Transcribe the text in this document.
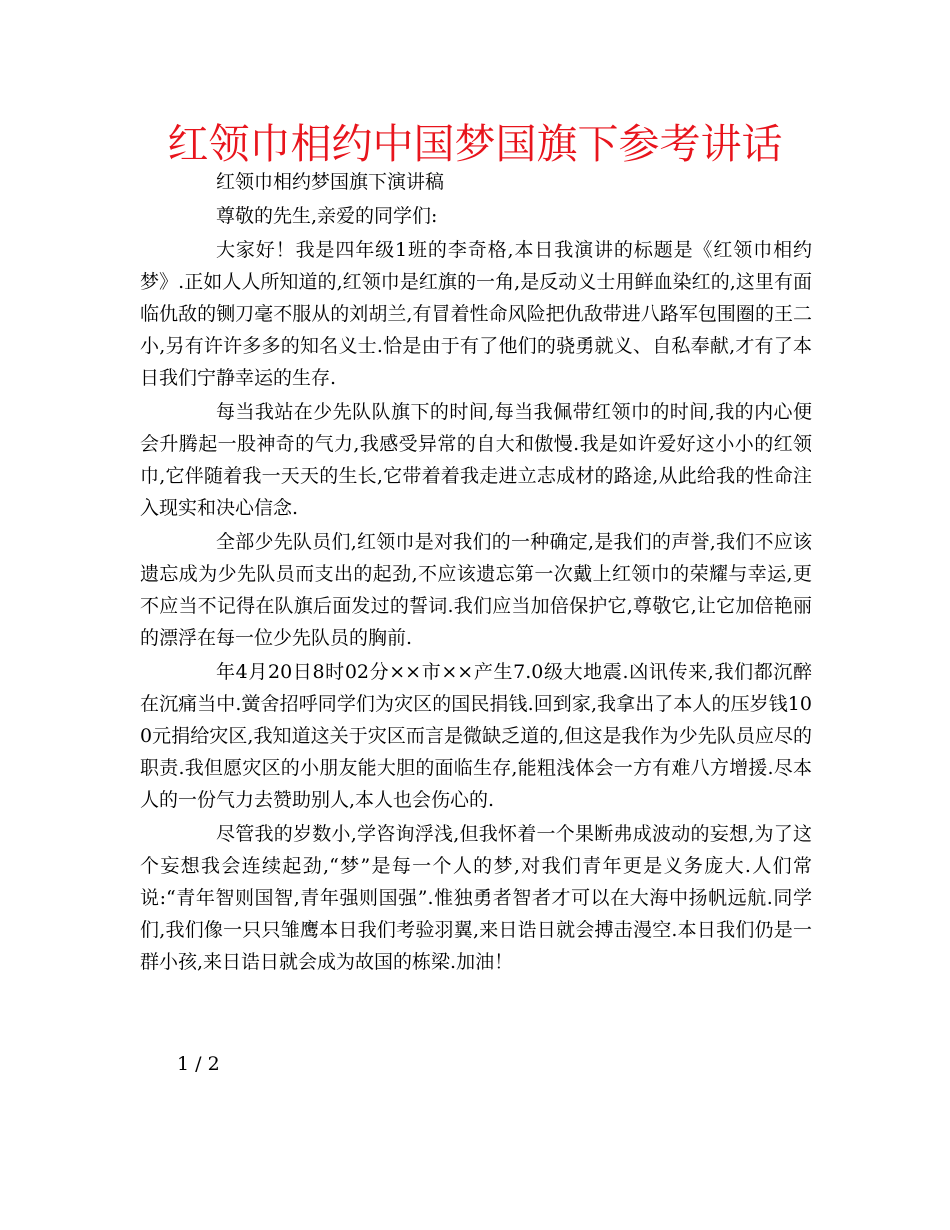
红领巾相约中国梦国旗下参考讲话

红领巾相约梦国旗下演讲稿

尊敬的先生,亲爱的同学们:

大家好！我是四年级1班的李奇格,本日我演讲的标题是《红领巾相约梦》.正如人人所知道的,红领巾是红旗的一角,是反动义士用鲜血染红的,这里有面临仇敌的铡刀毫不服从的刘胡兰,有冒着性命风险把仇敌带进八路军包围圈的王二小,另有许许多多的知名义士.恰是由于有了他们的骁勇就义、自私奉献,才有了本日我们宁静幸运的生存.

每当我站在少先队队旗下的时间,每当我佩带红领巾的时间,我的内心便会升腾起一股神奇的气力,我感受异常的自大和傲慢.我是如许爱好这小小的红领巾,它伴随着我一天天的生长,它带着着我走进立志成材的路途,从此给我的性命注入现实和决心信念.

全部少先队员们,红领巾是对我们的一种确定,是我们的声誉,我们不应该遗忘成为少先队员而支出的起劲,不应该遗忘第一次戴上红领巾的荣耀与幸运,更不应当不记得在队旗后面发过的誓词.我们应当加倍保护它,尊敬它,让它加倍艳丽的漂浮在每一位少先队员的胸前.

年4月20日8时02分××市××产生7.0级大地震.凶讯传来,我们都沉醉在沉痛当中.黉舍招呼同学们为灾区的国民捐钱.回到家,我拿出了本人的压岁钱100元捐给灾区,我知道这关于灾区而言是微缺乏道的,但这是我作为少先队员应尽的职责.我但愿灾区的小朋友能大胆的面临生存,能粗浅体会一方有难八方增援.尽本人的一份气力去赞助别人,本人也会伤心的.

尽管我的岁数小,学咨询浮浅,但我怀着一个果断弗成波动的妄想,为了这个妄想我会连续起劲,“梦”是每一个人的梦,对我们青年更是义务庞大.人们常说:“青年智则国智,青年强则国强”.惟独勇者智者才可以在大海中扬帆远航.同学们,我们像一只只雏鹰本日我们考验羽翼,来日诰日就会搏击漫空.本日我们仍是一群小孩,来日诰日就会成为故国的栋梁.加油！

1 / 2
